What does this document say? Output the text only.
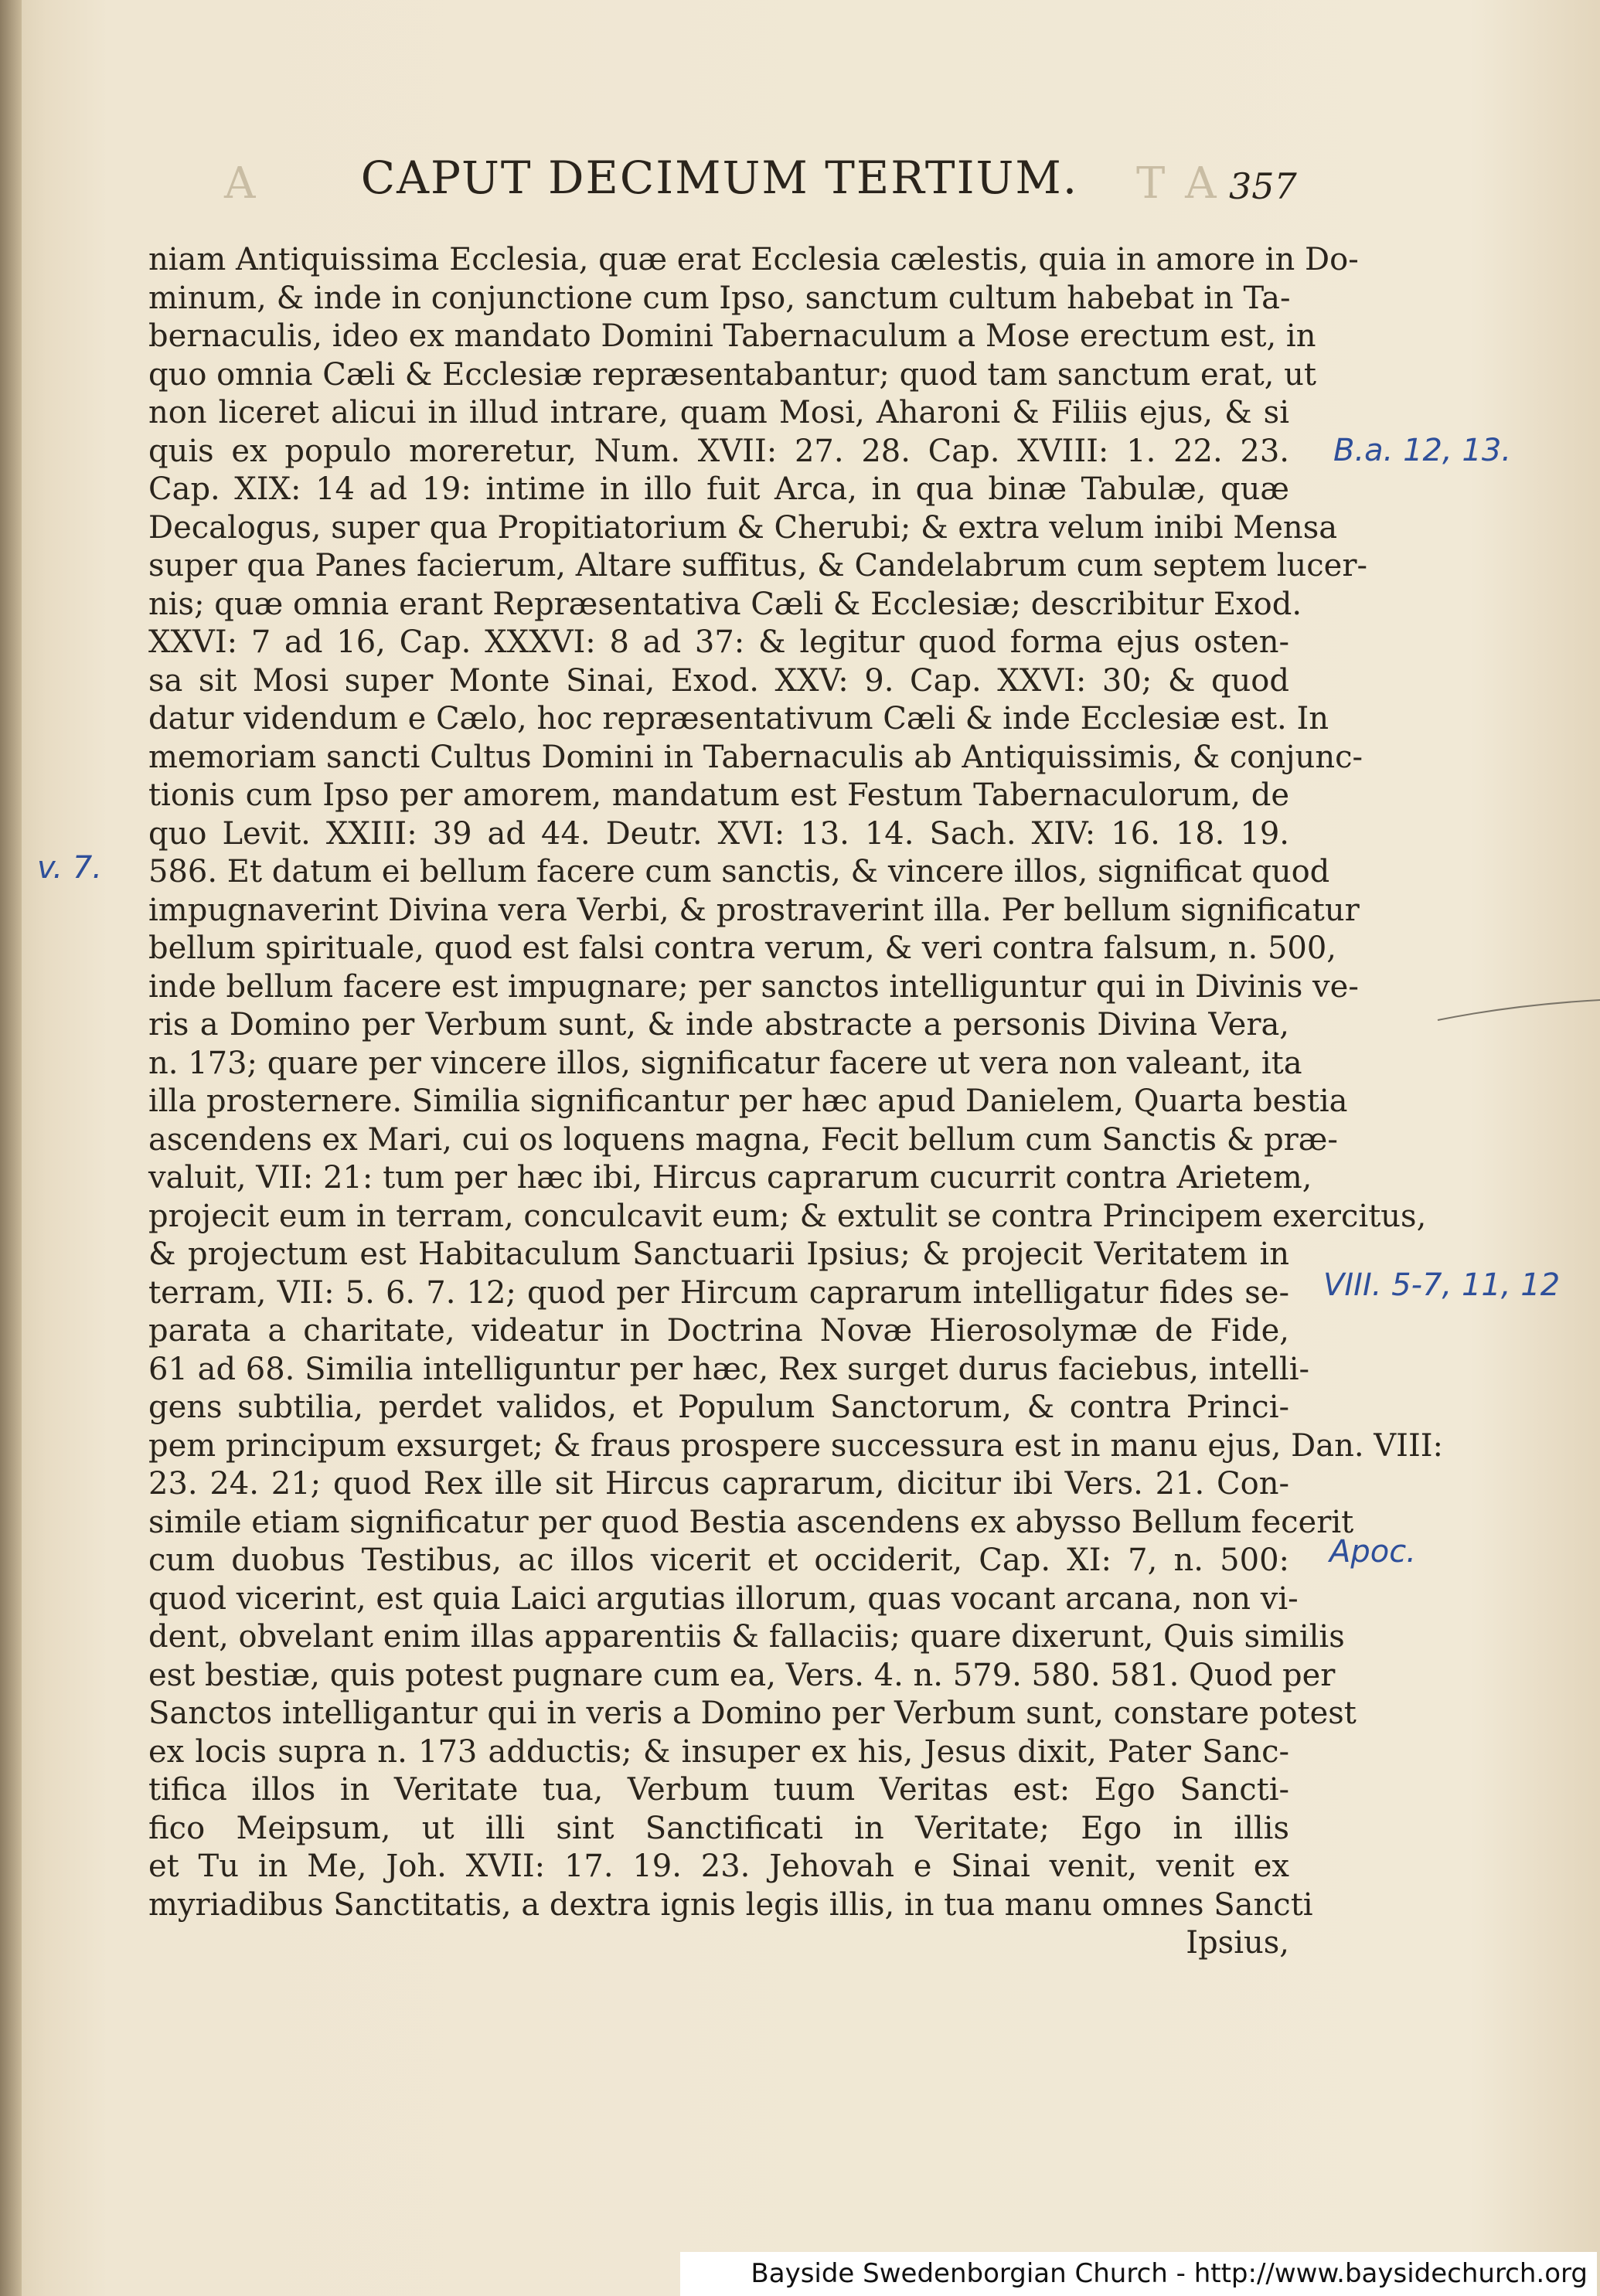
A	T A
CAPUT DECIMUM TERTIUM.	357
niam Antiquissima Ecclesia, quæ erat Ecclesia cælestis, quia in amore in Do-
minum, & inde in conjunctione cum Ipso, sanctum cultum habebat in Ta-
bernaculis, ideo ex mandato Domini Tabernaculum a Mose erectum est, in
quo omnia Cæli & Ecclesiæ repræsentabantur; quod tam sanctum erat, ut
non liceret alicui in illud intrare, quam Mosi, Aharoni & Filiis ejus, & si
quis ex populo moreretur, Num. XVII: 27. 28. Cap. XVIII: 1. 22. 23.
Cap. XIX: 14 ad 19: intime in illo fuit Arca, in qua binæ Tabulæ, quæ
Decalogus, super qua Propitiatorium & Cherubi; & extra velum inibi Mensa
super qua Panes facierum, Altare suffitus, & Candelabrum cum septem lucer-
nis; quæ omnia erant Repræsentativa Cæli & Ecclesiæ; describitur Exod.
XXVI: 7 ad 16, Cap. XXXVI: 8 ad 37: & legitur quod forma ejus osten-
sa sit Mosi super Monte Sinai, Exod. XXV: 9. Cap. XXVI: 30; & quod
datur videndum e Cælo, hoc repræsentativum Cæli & inde Ecclesiæ est. In
memoriam sancti Cultus Domini in Tabernaculis ab Antiquissimis, & conjunc-
tionis cum Ipso per amorem, mandatum est Festum Tabernaculorum, de
quo Levit. XXIII: 39 ad 44. Deutr. XVI: 13. 14. Sach. XIV: 16. 18. 19.
586. Et datum ei bellum facere cum sanctis, & vincere illos, significat quod
impugnaverint Divina vera Verbi, & prostraverint illa. Per bellum significatur
bellum spirituale, quod est falsi contra verum, & veri contra falsum, n. 500,
inde bellum facere est impugnare; per sanctos intelliguntur qui in Divinis ve-
ris a Domino per Verbum sunt, & inde abstracte a personis Divina Vera,
n. 173; quare per vincere illos, significatur facere ut vera non valeant, ita
illa prosternere. Similia significantur per hæc apud Danielem, Quarta bestia
ascendens ex Mari, cui os loquens magna, Fecit bellum cum Sanctis & præ-
valuit, VII: 21: tum per hæc ibi, Hircus caprarum cucurrit contra Arietem,
projecit eum in terram, conculcavit eum; & extulit se contra Principem exercitus,
& projectum est Habitaculum Sanctuarii Ipsius; & projecit Veritatem in
terram, VII: 5. 6. 7. 12; quod per Hircum caprarum intelligatur fides se-
parata a charitate, videatur in Doctrina Novæ Hierosolymæ de Fide,
61 ad 68. Similia intelliguntur per hæc, Rex surget durus faciebus, intelli-
gens subtilia, perdet validos, et Populum Sanctorum, & contra Princi-
pem principum exsurget; & fraus prospere successura est in manu ejus, Dan. VIII:
23. 24. 21; quod Rex ille sit Hircus caprarum, dicitur ibi Vers. 21. Con-
simile etiam significatur per quod Bestia ascendens ex abysso Bellum fecerit
cum duobus Testibus, ac illos vicerit et occiderit, Cap. XI: 7, n. 500:
quod vicerint, est quia Laici argutias illorum, quas vocant arcana, non vi-
dent, obvelant enim illas apparentiis & fallaciis; quare dixerunt, Quis similis
est bestiæ, quis potest pugnare cum ea, Vers. 4. n. 579. 580. 581. Quod per
Sanctos intelligantur qui in veris a Domino per Verbum sunt, constare potest
ex locis supra n. 173 adductis; & insuper ex his, Jesus dixit, Pater Sanc-
tifica illos in Veritate tua, Verbum tuum Veritas est: Ego Sancti-
fico Meipsum, ut illi sint Sanctificati in Veritate; Ego in illis
et Tu in Me, Joh. XVII: 17. 19. 23. Jehovah e Sinai venit, venit ex
myriadibus Sanctitatis, a dextra ignis legis illis, in tua manu omnes Sancti
Ipsius,
B.a. 12, 13.
v. 7.
VIII. 5-7, 11, 12
Apoc.
Bayside Swedenborgian Church - http://www.baysidechurch.org
